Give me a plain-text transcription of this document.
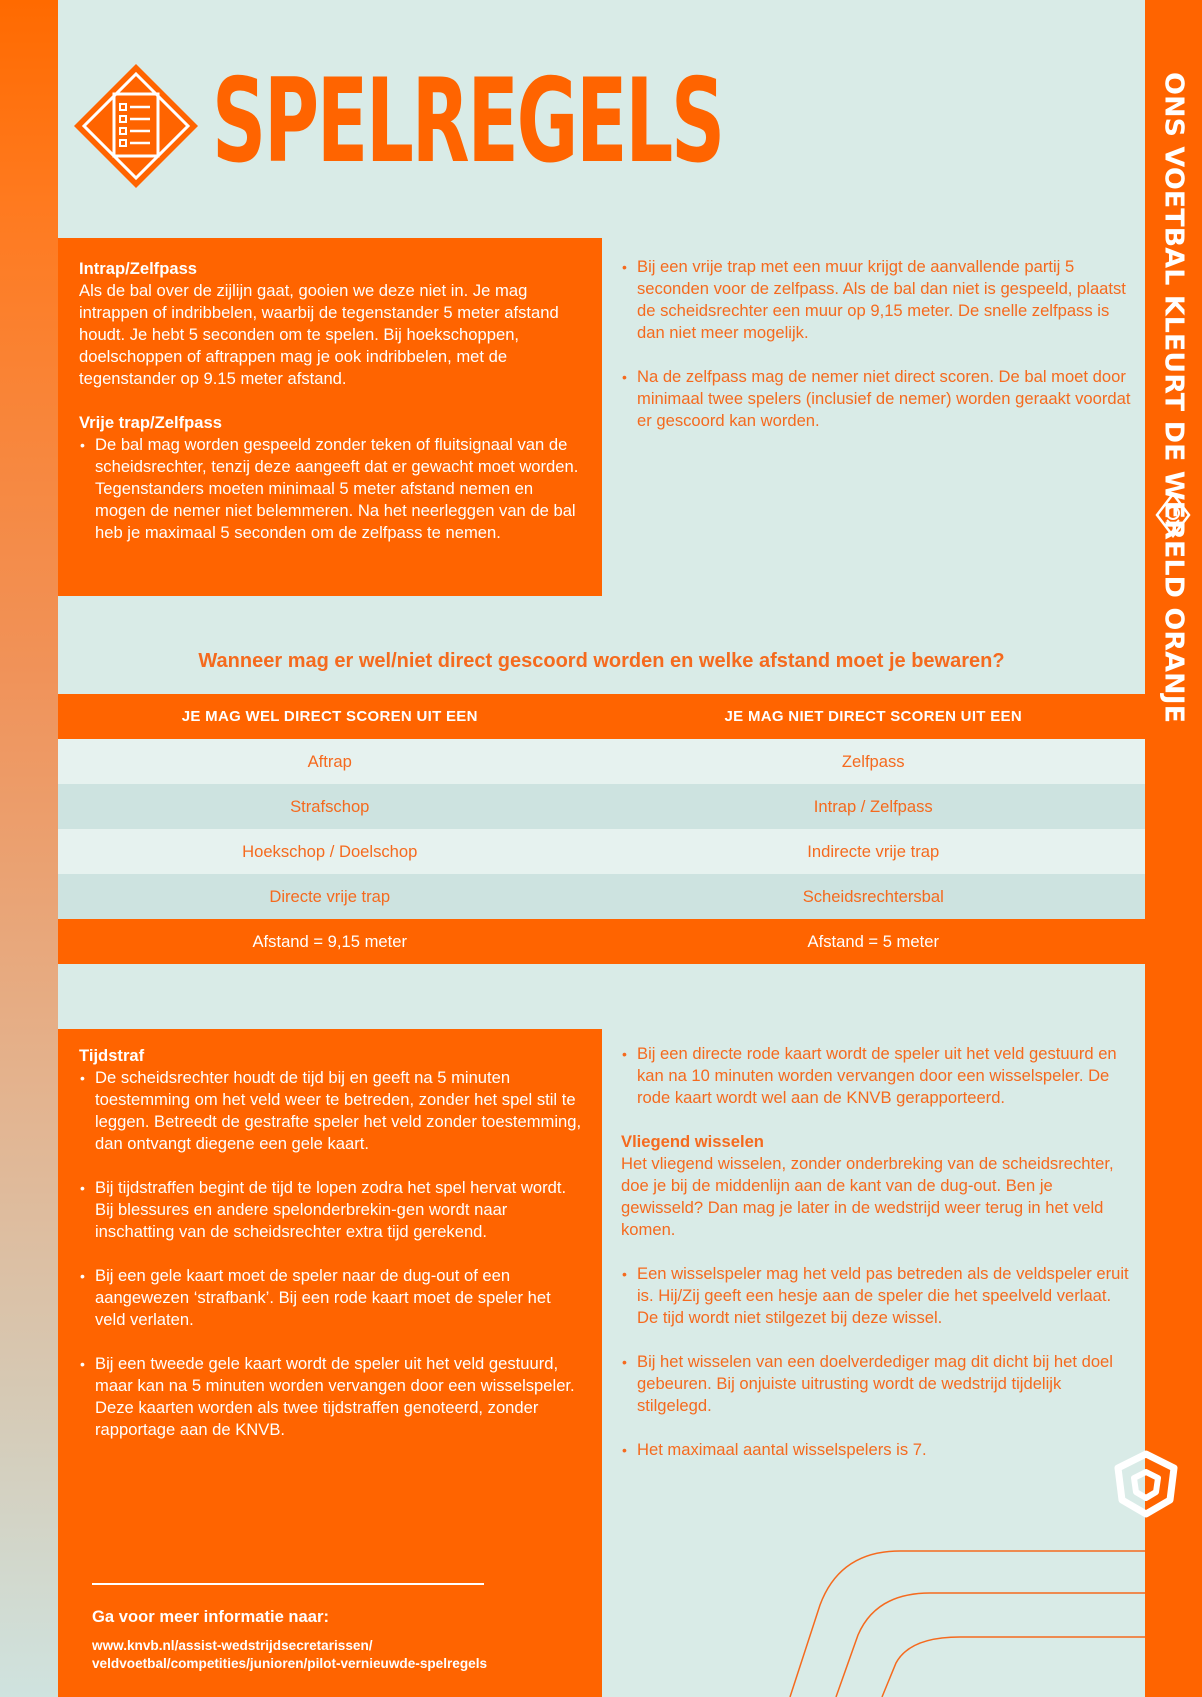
ONS VOETBAL KLEURT DE WERELD ORANJE
SPELREGELS
Intrap/Zelfpass
Als de bal over de zijlijn gaat, gooien we deze niet in. Je mag intrappen of indribbelen, waarbij de tegenstander 5 meter afstand houdt. Je hebt 5 seconden om te spelen. Bij hoekschoppen, doelschoppen of aftrappen mag je ook indribbelen, met de tegenstander op 9.15 meter afstand.
Vrije trap/Zelfpass
• De bal mag worden gespeeld zonder teken of fluitsignaal van de scheidsrechter, tenzij deze aangeeft dat er gewacht moet worden. Tegenstanders moeten minimaal 5 meter afstand nemen en mogen de nemer niet belemmeren. Na het neerleggen van de bal heb je maximaal 5 seconden om de zelfpass te nemen.
• Bij een vrije trap met een muur krijgt de aanvallende partij 5 seconden voor de zelfpass. Als de bal dan niet is gespeeld, plaatst de scheidsrechter een muur op 9,15 meter. De snelle zelfpass is dan niet meer mogelijk.
• Na de zelfpass mag de nemer niet direct scoren. De bal moet door minimaal twee spelers (inclusief de nemer) worden geraakt voordat er gescoord kan worden.
Wanneer mag er wel/niet direct gescoord worden en welke afstand moet je bewaren?
JE MAG WEL DIRECT SCOREN UIT EEN	JE MAG NIET DIRECT SCOREN UIT EEN
Aftrap	Zelfpass
Strafschop	Intrap / Zelfpass
Hoekschop / Doelschop	Indirecte vrije trap
Directe vrije trap	Scheidsrechtersbal
Afstand = 9,15 meter	Afstand = 5 meter
Tijdstraf
• De scheidsrechter houdt de tijd bij en geeft na 5 minuten toestemming om het veld weer te betreden, zonder het spel stil te leggen. Betreedt de gestrafte speler het veld zonder toestemming, dan ontvangt diegene een gele kaart.
• Bij tijdstraffen begint de tijd te lopen zodra het spel hervat wordt. Bij blessures en andere spelonderbrekin-gen wordt naar inschatting van de scheidsrechter extra tijd gerekend.
• Bij een gele kaart moet de speler naar de dug-out of een aangewezen ‘strafbank’. Bij een rode kaart moet de speler het veld verlaten.
• Bij een tweede gele kaart wordt de speler uit het veld gestuurd, maar kan na 5 minuten worden vervangen door een wisselspeler. Deze kaarten worden als twee tijdstraffen genoteerd, zonder rapportage aan de KNVB.
Ga voor meer informatie naar:
www.knvb.nl/assist-wedstrijdsecretarissen/
veldvoetbal/competities/junioren/pilot-vernieuwde-spelregels
• Bij een directe rode kaart wordt de speler uit het veld gestuurd en kan na 10 minuten worden vervangen door een wisselspeler. De rode kaart wordt wel aan de KNVB gerapporteerd.
Vliegend wisselen
Het vliegend wisselen, zonder onderbreking van de scheidsrechter, doe je bij de middenlijn aan de kant van de dug-out. Ben je gewisseld? Dan mag je later in de wedstrijd weer terug in het veld komen.
• Een wisselspeler mag het veld pas betreden als de veldspeler eruit is. Hij/Zij geeft een hesje aan de speler die het speelveld verlaat. De tijd wordt niet stilgezet bij deze wissel.
• Bij het wisselen van een doelverdediger mag dit dicht bij het doel gebeuren. Bij onjuiste uitrusting wordt de wedstrijd tijdelijk stilgelegd.
• Het maximaal aantal wisselspelers is 7.
